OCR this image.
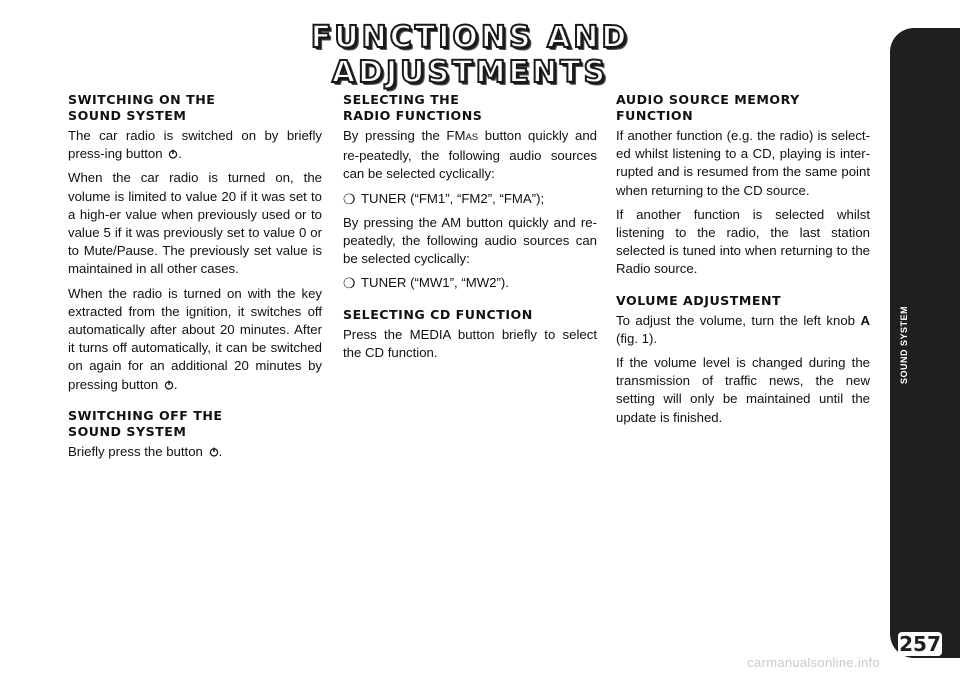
FUNCTIONS AND ADJUSTMENTS
SWITCHING ON THE
SOUND SYSTEM

The car radio is switched on by briefly press-ing button .

When the car radio is turned on, the volume is limited to value 20 if it was set to a high-er value when previously used or to value 5 if it was previously set to value 0 or to Mute/Pause. The previously set value is maintained in all other cases.

When the radio is turned on with the key extracted from the ignition, it switches off automatically after about 20 minutes. After it turns off automatically, it can be switched on again for an additional 20 minutes by pressing button .

SWITCHING OFF THE
SOUND SYSTEM

Briefly press the button .

SELECTING THE
RADIO FUNCTIONS

By pressing the FMAS button quickly and re-peatedly, the following audio sources can be selected cyclically:

❍ TUNER (“FM1”, “FM2”, “FMA”);

By pressing the AM button quickly and re-peatedly, the following audio sources can be selected cyclically:

❍ TUNER (“MW1”, “MW2”).
SELECTING CD FUNCTION

Press the MEDIA button briefly to select the CD function.

AUDIO SOURCE MEMORY
FUNCTION

If another function (e.g. the radio) is select-ed whilst listening to a CD, playing is inter-rupted and is resumed from the same point when returning to the CD source.

If another function is selected whilst listening to the radio, the last station selected is tuned into when returning to the Radio source.

VOLUME ADJUSTMENT

To adjust the volume, turn the left knob A (fig. 1).

If the volume level is changed during the transmission of traffic news, the new setting will only be maintained until the update is finished.

SOUND SYSTEM
257
carmanualsonline.info
